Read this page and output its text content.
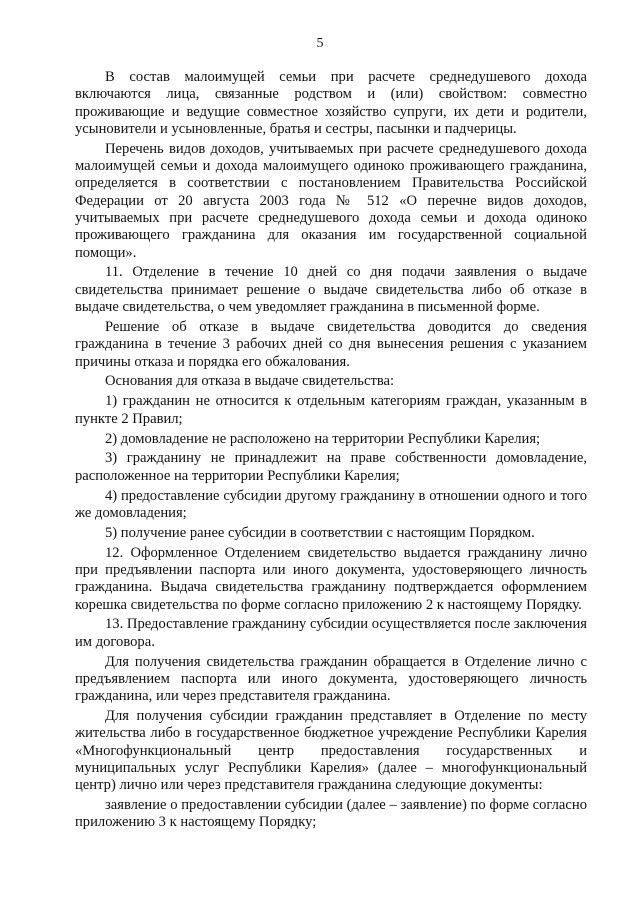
5

В состав малоимущей семьи при расчете среднедушевого дохода включаются лица, связанные родством и (или) свойством: совместно проживающие и ведущие совместное хозяйство супруги, их дети и родители, усыновители и усыновленные, братья и сестры, пасынки и падчерицы.

Перечень видов доходов, учитываемых при расчете среднедушевого дохода малоимущей семьи и дохода малоимущего одиноко проживающего гражданина, определяется в соответствии с постановлением Правительства Российской Федерации от 20 августа 2003 года № 512 «О перечне видов доходов, учитываемых при расчете среднедушевого дохода семьи и дохода одиноко проживающего гражданина для оказания им государственной социальной помощи».

11. Отделение в течение 10 дней со дня подачи заявления о выдаче свидетельства принимает решение о выдаче свидетельства либо об отказе в выдаче свидетельства, о чем уведомляет гражданина в письменной форме.

Решение об отказе в выдаче свидетельства доводится до сведения гражданина в течение 3 рабочих дней со дня вынесения решения с указанием причины отказа и порядка его обжалования.

Основания для отказа в выдаче свидетельства:

1) гражданин не относится к отдельным категориям граждан, указанным в пункте 2 Правил;

2) домовладение не расположено на территории Республики Карелия;

3) гражданину не принадлежит на праве собственности домовладение, расположенное на территории Республики Карелия;

4) предоставление субсидии другому гражданину в отношении одного и того же домовладения;

5) получение ранее субсидии в соответствии с настоящим Порядком.

12. Оформленное Отделением свидетельство выдается гражданину лично при предъявлении паспорта или иного документа, удостоверяющего личность гражданина. Выдача свидетельства гражданину подтверждается оформлением корешка свидетельства по форме согласно приложению 2 к настоящему Порядку.

13. Предоставление гражданину субсидии осуществляется после заключения им договора.

Для получения свидетельства гражданин обращается в Отделение лично с предъявлением паспорта или иного документа, удостоверяющего личность гражданина, или через представителя гражданина.

Для получения субсидии гражданин представляет в Отделение по месту жительства либо в государственное бюджетное учреждение Республики Карелия «Многофункциональный центр предоставления государственных и муниципальных услуг Республики Карелия» (далее – многофункциональный центр) лично или через представителя гражданина следующие документы:

заявление о предоставлении субсидии (далее – заявление) по форме согласно приложению 3 к настоящему Порядку;
